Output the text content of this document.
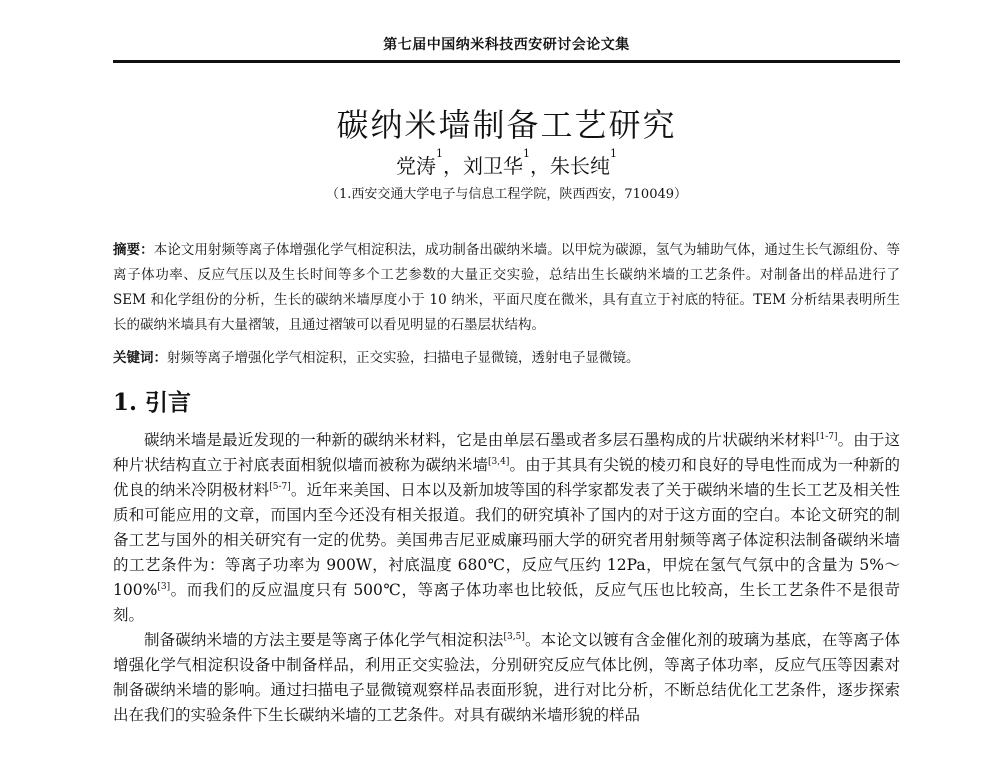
第七届中国纳米科技西安研讨会论文集
碳纳米墙制备工艺研究
党涛$^1$，刘卫华$^1$，朱长纯$^1$
（1.西安交通大学电子与信息工程学院，陕西西安，710049）
摘要：本论文用射频等离子体增强化学气相淀积法，成功制备出碳纳米墙。以甲烷为碳源，氢气为辅助气体，通过生长气源组份、等离子体功率、反应气压以及生长时间等多个工艺参数的大量正交实验，总结出生长碳纳米墙的工艺条件。对制备出的样品进行了 SEM 和化学组份的分析，生长的碳纳米墙厚度小于 10 纳米，平面尺度在微米，具有直立于衬底的特征。TEM 分析结果表明所生长的碳纳米墙具有大量褶皱，且通过褶皱可以看见明显的石墨层状结构。
关键词：射频等离子增强化学气相淀积，正交实验，扫描电子显微镜，透射电子显微镜。
1. 引言

碳纳米墙是最近发现的一种新的碳纳米材料，它是由单层石墨或者多层石墨构成的片状碳纳米材料[1-7]。由于这种片状结构直立于衬底表面相貌似墙而被称为碳纳米墙[3,4]。由于其具有尖锐的棱刃和良好的导电性而成为一种新的优良的纳米冷阴极材料[5-7]。近年来美国、日本以及新加坡等国的科学家都发表了关于碳纳米墙的生长工艺及相关性质和可能应用的文章，而国内至今还没有相关报道。我们的研究填补了国内的对于这方面的空白。本论文研究的制备工艺与国外的相关研究有一定的优势。美国弗吉尼亚威廉玛丽大学的研究者用射频等离子体淀积法制备碳纳米墙的工艺条件为：等离子功率为 900W，衬底温度 680℃，反应气压约 12Pa，甲烷在氢气气氛中的含量为 5%～100%[3]。而我们的反应温度只有 500℃，等离子体功率也比较低，反应气压也比较高，生长工艺条件不是很苛刻。

制备碳纳米墙的方法主要是等离子体化学气相淀积法[3,5]。本论文以镀有含金催化剂的玻璃为基底，在等离子体增强化学气相淀积设备中制备样品，利用正交实验法，分别研究反应气体比例，等离子体功率，反应气压等因素对制备碳纳米墙的影响。通过扫描电子显微镜观察样品表面形貌，进行对比分析，不断总结优化工艺条件，逐步探索出在我们的实验条件下生长碳纳米墙的工艺条件。对具有碳纳米墙形貌的样品
